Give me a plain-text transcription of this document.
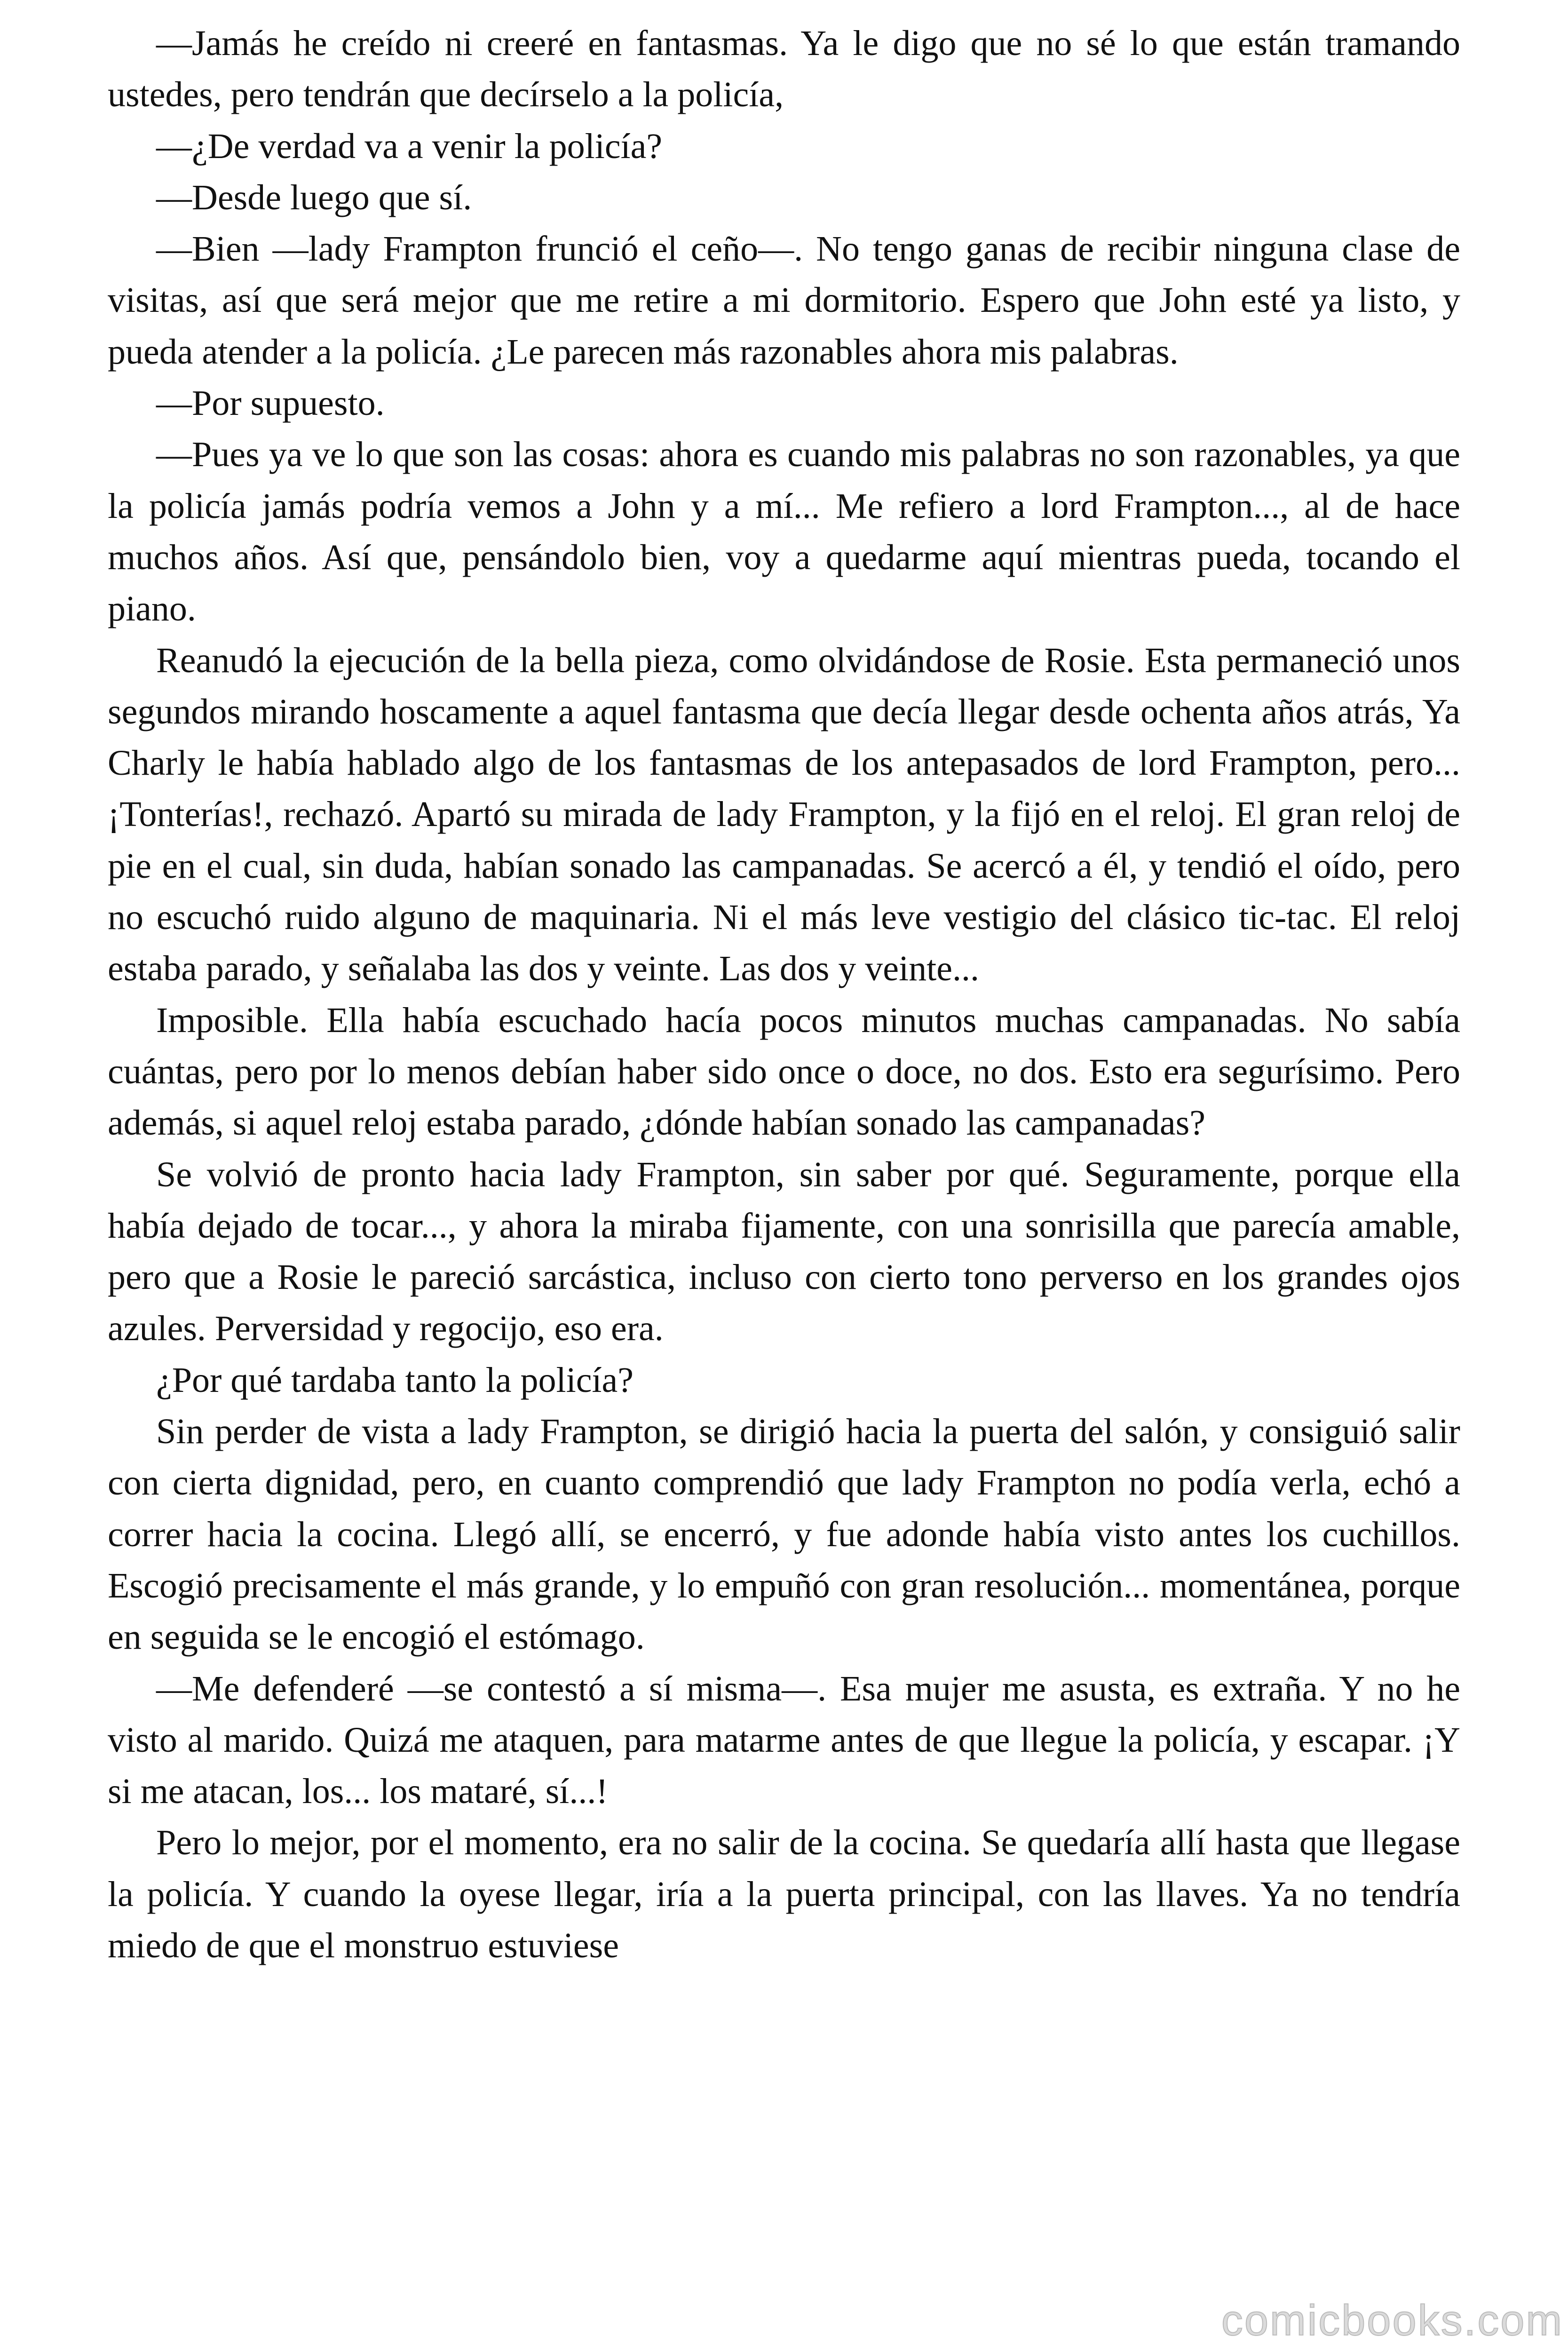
—Jamás he creído ni creeré en fantasmas. Ya le digo que no sé lo que están tramando ustedes, pero tendrán que decírselo a la policía,

—¿De verdad va a venir la policía?

—Desde luego que sí.

—Bien —lady Frampton frunció el ceño—. No tengo ganas de recibir ninguna clase de visitas, así que será mejor que me retire a mi dormitorio. Espero que John esté ya listo, y pueda atender a la policía. ¿Le parecen más razonables ahora mis palabras.

—Por supuesto.

—Pues ya ve lo que son las cosas: ahora es cuando mis palabras no son razonables, ya que la policía jamás podría vemos a John y a mí... Me refiero a lord Frampton..., al de hace muchos años. Así que, pensándolo bien, voy a quedarme aquí mientras pueda, tocando el piano.

Reanudó la ejecución de la bella pieza, como olvidándose de Rosie. Esta permaneció unos segundos mirando hoscamente a aquel fantasma que decía llegar desde ochenta años atrás, Ya Charly le había hablado algo de los fantasmas de los antepasados de lord Frampton, pero... ¡Tonterías!, rechazó. Apartó su mirada de lady Frampton, y la fijó en el reloj. El gran reloj de pie en el cual, sin duda, habían sonado las campanadas. Se acercó a él, y tendió el oído, pero no escuchó ruido alguno de maquinaria. Ni el más leve vestigio del clásico tic-tac. El reloj estaba parado, y señalaba las dos y veinte. Las dos y veinte...

Imposible. Ella había escuchado hacía pocos minutos muchas campanadas. No sabía cuántas, pero por lo menos debían haber sido once o doce, no dos. Esto era segurísimo. Pero además, si aquel reloj estaba parado, ¿dónde habían sonado las campanadas?

Se volvió de pronto hacia lady Frampton, sin saber por qué. Seguramente, porque ella había dejado de tocar..., y ahora la miraba fijamente, con una sonrisilla que parecía amable, pero que a Rosie le pareció sarcástica, incluso con cierto tono perverso en los grandes ojos azules. Perversidad y regocijo, eso era.

¿Por qué tardaba tanto la policía?

Sin perder de vista a lady Frampton, se dirigió hacia la puerta del salón, y consiguió salir con cierta dignidad, pero, en cuanto comprendió que lady Frampton no podía verla, echó a correr hacia la cocina. Llegó allí, se encerró, y fue adonde había visto antes los cuchillos. Escogió precisamente el más grande, y lo empuñó con gran resolución... momentánea, porque en seguida se le encogió el estómago.

—Me defenderé —se contestó a sí misma—. Esa mujer me asusta, es extraña. Y no he visto al marido. Quizá me ataquen, para matarme antes de que llegue la policía, y escapar. ¡Y si me atacan, los... los mataré, sí...!

Pero lo mejor, por el momento, era no salir de la cocina. Se quedaría allí hasta que llegase la policía. Y cuando la oyese llegar, iría a la puerta principal, con las llaves. Ya no tendría miedo de que el monstruo estuviese

comicbooks.com
